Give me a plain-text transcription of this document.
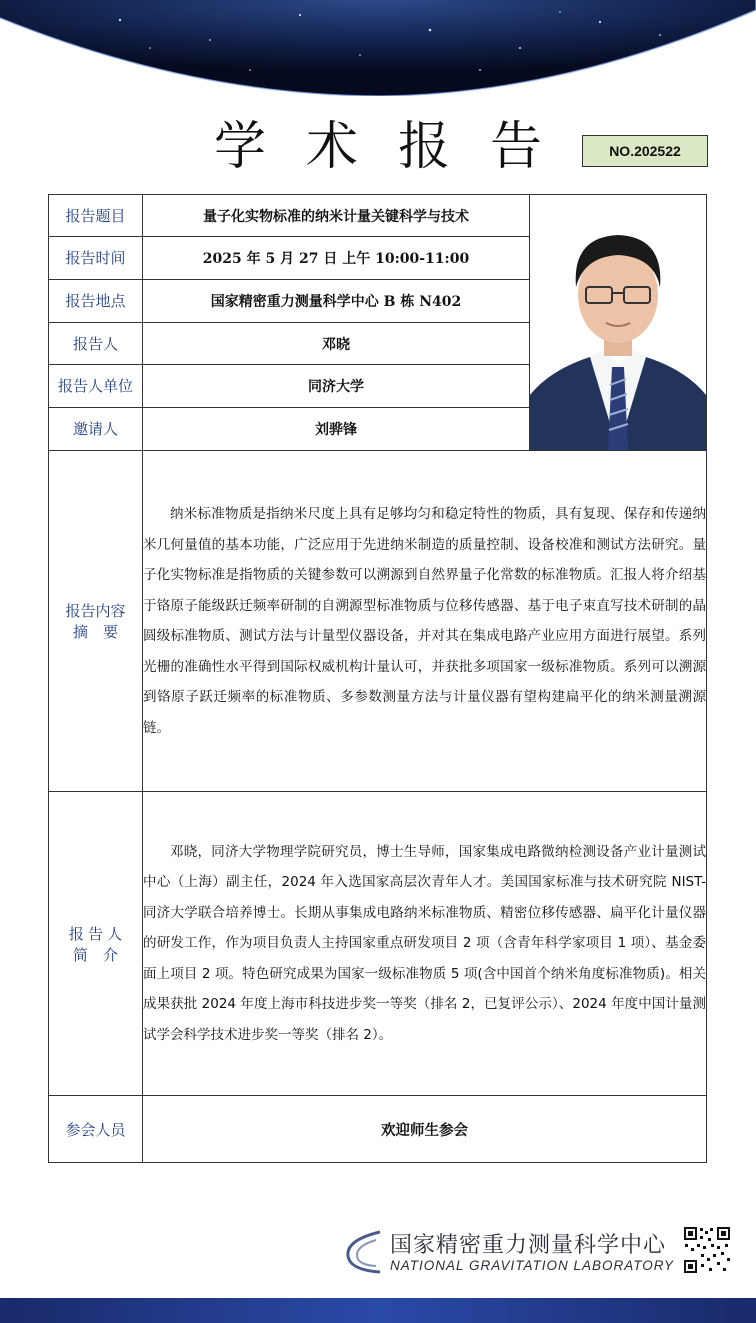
学术报告	NO.202522
报告题目	量子化实物标准的纳米计量关键科学与技术	

报告时间	2025 年 5 月 27 日 上午 10:00-11:00	
报告地点	国家精密重力测量科学中心 B 栋 N402	
报告人	邓晓	
报告人单位	同济大学	
邀请人	刘骅锋	

报告内容
摘　要	纳米标准物质是指纳米尺度上具有足够均匀和稳定特性的物质，具有复现、保存和传递纳米几何量值的基本功能，广泛应用于先进纳米制造的质量控制、设备校准和测试方法研究。量子化实物标准是指物质的关键参数可以溯源到自然界量子化常数的标准物质。汇报人将介绍基于铬原子能级跃迁频率研制的自溯源型标准物质与位移传感器、基于电子束直写技术研制的晶圆级标准物质、测试方法与计量型仪器设备，并对其在集成电路产业应用方面进行展望。系列光栅的准确性水平得到国际权威机构计量认可，并获批多项国家一级标准物质。系列可以溯源到铬原子跃迁频率的标准物质、多参数测量方法与计量仪器有望构建扁平化的纳米测量溯源链。	

报 告 人
简　介	邓晓，同济大学物理学院研究员，博士生导师，国家集成电路微纳检测设备产业计量测试中心（上海）副主任，2024 年入选国家高层次青年人才。美国国家标准与技术研究院 NIST-同济大学联合培养博士。长期从事集成电路纳米标准物质、精密位移传感器、扁平化计量仪器的研发工作，作为项目负责人主持国家重点研发项目 2 项（含青年科学家项目 1 项）、基金委面上项目 2 项。特色研究成果为国家一级标准物质 5 项(含中国首个纳米角度标准物质)。相关成果获批 2024 年度上海市科技进步奖一等奖（排名 2，已复评公示）、2024 年度中国计量测试学会科学技术进步奖一等奖（排名 2）。	

参会人员	欢迎师生参会	
国家精密重力测量科学中心
NATIONAL GRAVITATION LABORATORY
